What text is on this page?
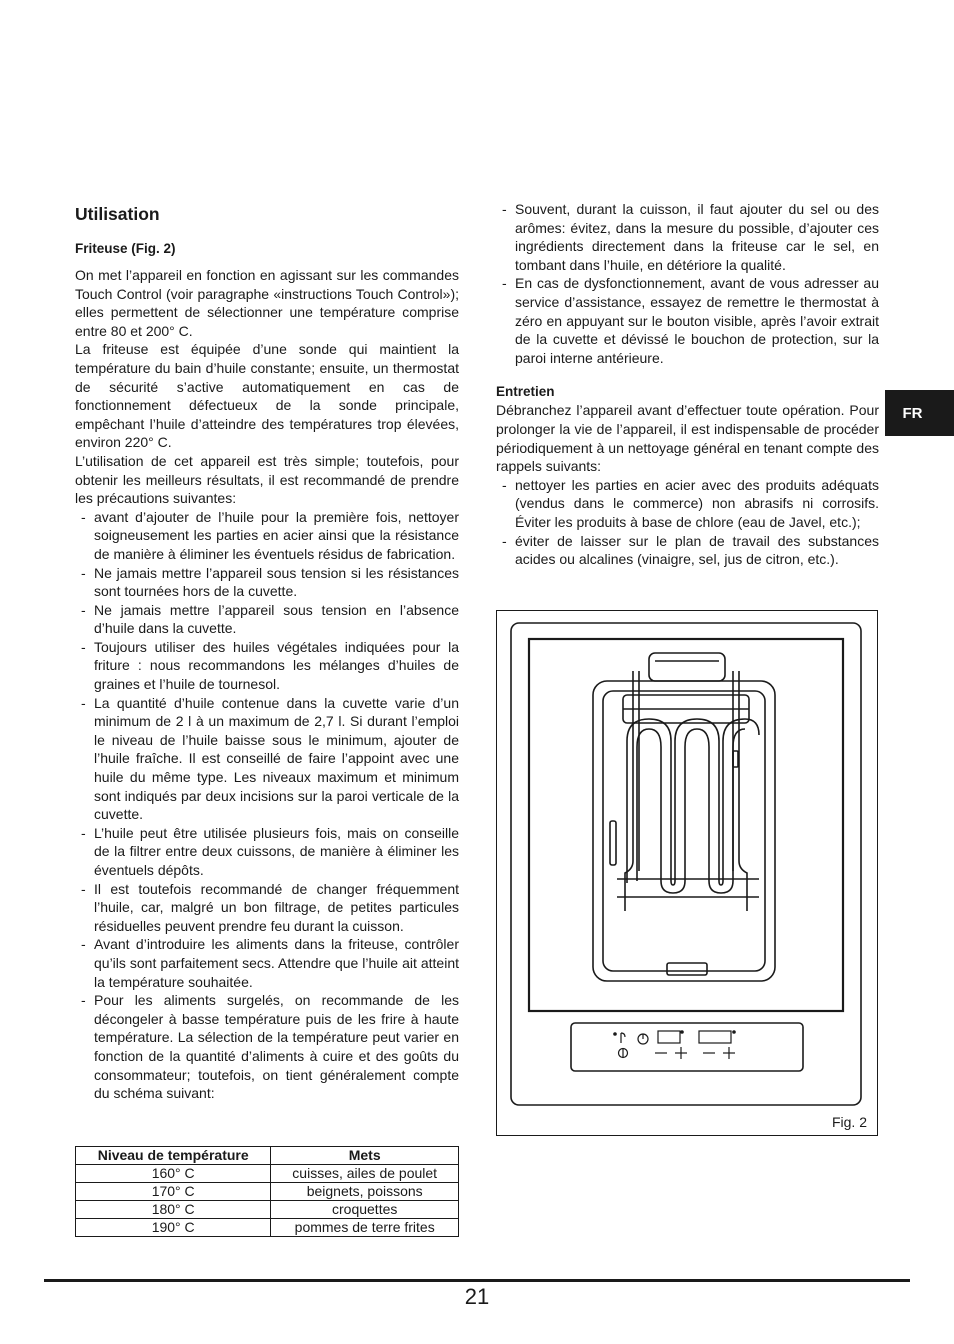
Utilisation
Friteuse (Fig. 2)

On met l’appareil en fonction en agissant sur les commandes Touch Control (voir paragraphe «instructions Touch Control»); elles permettent de sélectionner une température comprise entre 80 et 200° C.

La friteuse est équipée d’une sonde qui maintient la température du bain d’huile constante; ensuite, un thermostat de sécurité s’active automatiquement en cas de fonctionnement défectueux de la sonde principale, empêchant l’huile d’atteindre des températures trop élevées, environ 220° C.

L’utilisation de cet appareil est très simple; toutefois, pour obtenir les meilleurs résultats, il est recommandé de prendre les précautions suivantes:

- avant d’ajouter de l’huile pour la première fois, nettoyer soigneusement les parties en acier ainsi que la résistance de manière à éliminer les éventuels résidus de fabrication.
- Ne jamais mettre l’appareil sous tension si les résistances sont tournées hors de la cuvette.
- Ne jamais mettre l’appareil sous tension en l’absence d’huile dans la cuvette.
- Toujours utiliser des huiles végétales indiquées pour la friture : nous recommandons les mélanges d’huiles de graines et l’huile de tournesol.
- La quantité d’huile contenue dans la cuvette varie d’un minimum de 2 l à un maximum de 2,7 l. Si durant l’emploi le niveau de l’huile baisse sous le minimum, ajouter de l’huile fraîche. Il est conseillé de faire l’appoint avec une huile du même type. Les niveaux maximum et minimum sont indiqués par deux incisions sur la paroi verticale de la cuvette.
- L’huile peut être utilisée plusieurs fois, mais on conseille de la filtrer entre deux cuissons, de manière à éliminer les éventuels dépôts.
- Il est toutefois recommandé de changer fréquemment l’huile, car, malgré un bon filtrage, de petites particules résiduelles peuvent prendre feu durant la cuisson.
- Avant d’introduire les aliments dans la friteuse, contrôler qu’ils sont parfaitement secs. Attendre que l’huile ait atteint la température souhaitée.
- Pour les aliments surgelés, on recommande de les décongeler à basse température puis de les frire à haute température. La sélection de la température peut varier en fonction de la quantité d’aliments à cuire et des goûts du consommateur; toutefois, on tient généralement compte du schéma suivant:
Niveau de température	Mets
160° C	cuisses, ailes de poulet
170° C	beignets, poissons
180° C	croquettes
190° C	pommes de terre frites
- Souvent, durant la cuisson, il faut ajouter du sel ou des arômes: évitez, dans la mesure du possible, d’ajouter ces ingrédients directement dans la friteuse car le sel, en tombant dans l’huile, en détériore la qualité.
- En cas de dysfonctionnement, avant de vous adresser au service d’assistance, essayez de remettre le thermostat à zéro en appuyant sur le bouton visible, après l’avoir extrait de la cuvette et dévissé le bouchon de protection, sur la paroi interne antérieure.
Entretien

Débranchez l’appareil avant d’effectuer toute opération. Pour prolonger la vie de l’appareil, il est indispensable de procéder périodiquement à un nettoyage général en tenant compte des rappels suivants:

- nettoyer les parties en acier avec des produits adéquats (vendus dans le commerce) non abrasifs ni corrosifs. Éviter les produits à base de chlore (eau de Javel, etc.);
- éviter de laisser sur le plan de travail des substances acides ou alcalines (vinaigre, sel, jus de citron, etc.).
FR
Fig. 2
21
